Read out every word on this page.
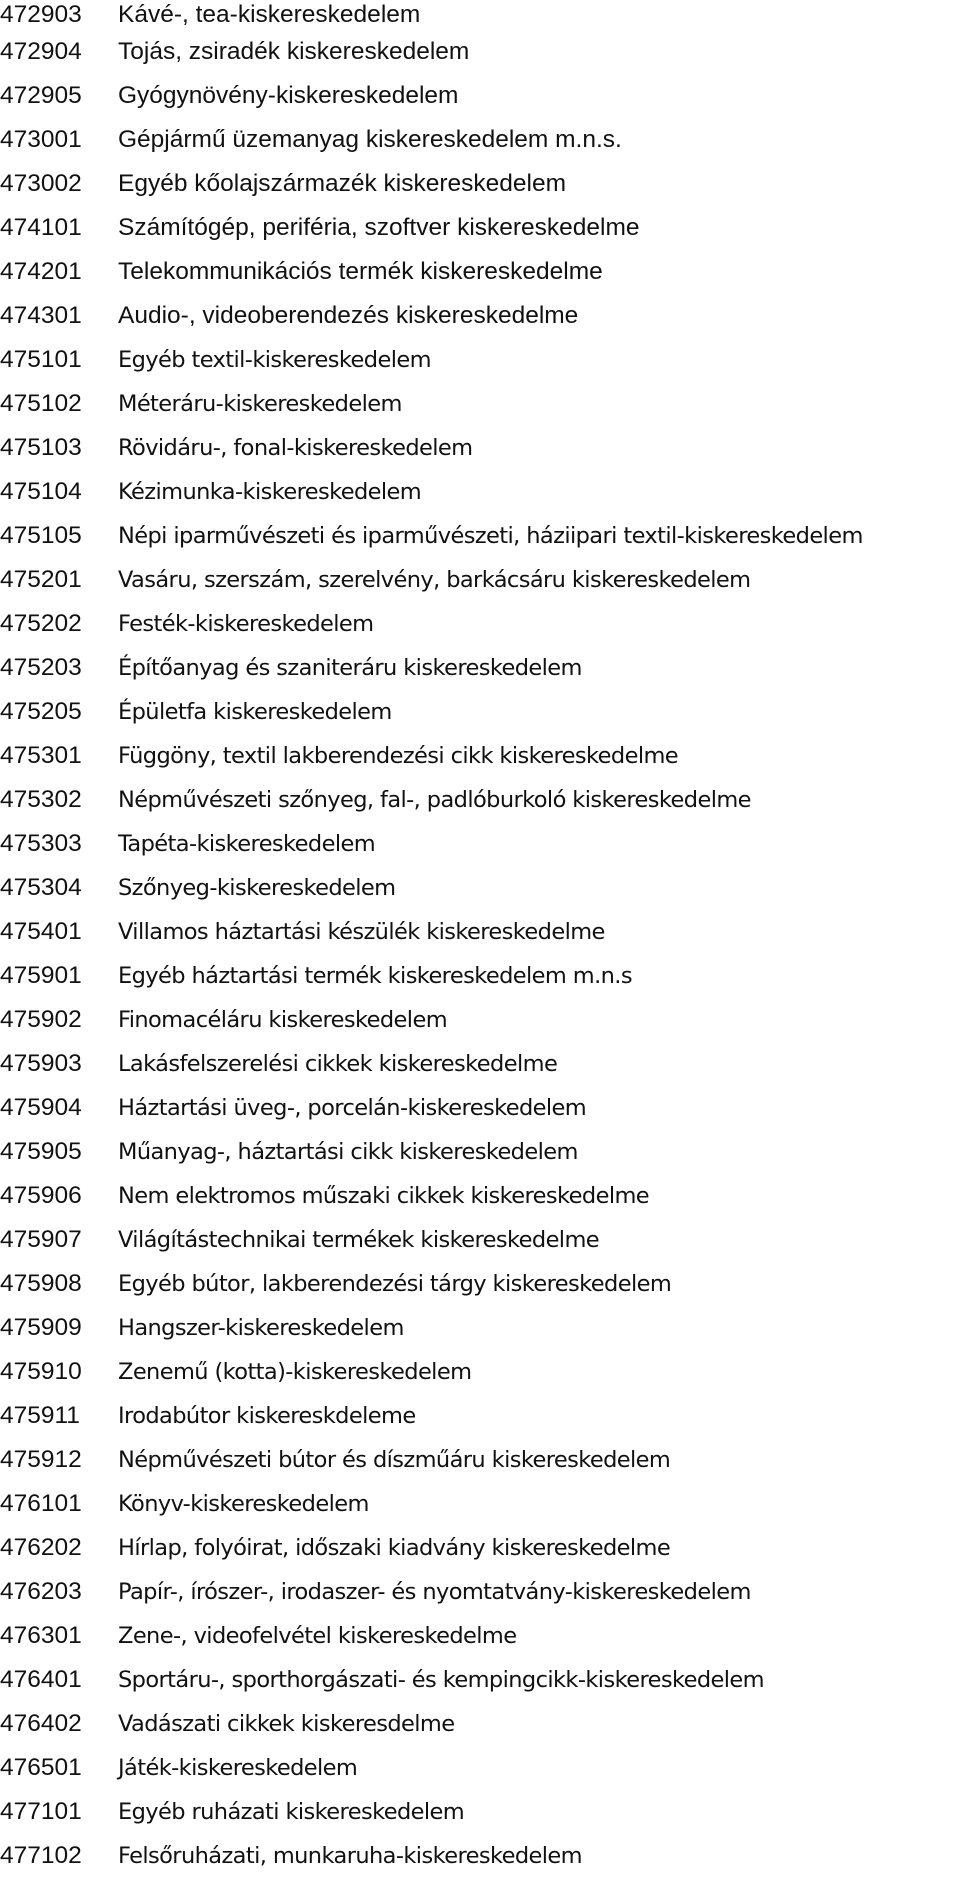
472903	Kávé-, tea-kiskereskedelem
472904	Tojás, zsiradék kiskereskedelem
472905	Gyógynövény-kiskereskedelem
473001	Gépjármű üzemanyag kiskereskedelem m.n.s.
473002	Egyéb kőolajszármazék kiskereskedelem
474101	Számítógép, periféria, szoftver kiskereskedelme
474201	Telekommunikációs termék kiskereskedelme
474301	Audio-, videoberendezés kiskereskedelme
475101	Egyéb textil-kiskereskedelem
475102	Méteráru-kiskereskedelem
475103	Rövidáru-, fonal-kiskereskedelem
475104	Kézimunka-kiskereskedelem
475105	Népi iparművészeti és iparművészeti, háziipari textil-kiskereskedelem
475201	Vasáru, szerszám, szerelvény, barkácsáru kiskereskedelem
475202	Festék-kiskereskedelem
475203	Építőanyag és szaniteráru kiskereskedelem
475205	Épületfa kiskereskedelem
475301	Függöny, textil lakberendezési cikk kiskereskedelme
475302	Népművészeti szőnyeg, fal-, padlóburkoló kiskereskedelme
475303	Tapéta-kiskereskedelem
475304	Szőnyeg-kiskereskedelem
475401	Villamos háztartási készülék kiskereskedelme
475901	Egyéb háztartási termék kiskereskedelem m.n.s
475902	Finomacéláru kiskereskedelem
475903	Lakásfelszerelési cikkek kiskereskedelme
475904	Háztartási üveg-, porcelán-kiskereskedelem
475905	Műanyag-, háztartási cikk kiskereskedelem
475906	Nem elektromos műszaki cikkek kiskereskedelme
475907	Világítástechnikai termékek kiskereskedelme
475908	Egyéb bútor, lakberendezési tárgy kiskereskedelem
475909	Hangszer-kiskereskedelem
475910	Zenemű (kotta)-kiskereskedelem
475911	Irodabútor kiskereskdeleme
475912	Népművészeti bútor és díszműáru kiskereskedelem
476101	Könyv-kiskereskedelem
476202	Hírlap, folyóirat, időszaki kiadvány kiskereskedelme
476203	Papír-, írószer-, irodaszer- és nyomtatvány-kiskereskedelem
476301	Zene-, videofelvétel kiskereskedelme
476401	Sportáru-, sporthorgászati- és kempingcikk-kiskereskedelem
476402	Vadászati cikkek kiskeresdelme
476501	Játék-kiskereskedelem
477101	Egyéb ruházati kiskereskedelem
477102	Felsőruházati, munkaruha-kiskereskedelem
